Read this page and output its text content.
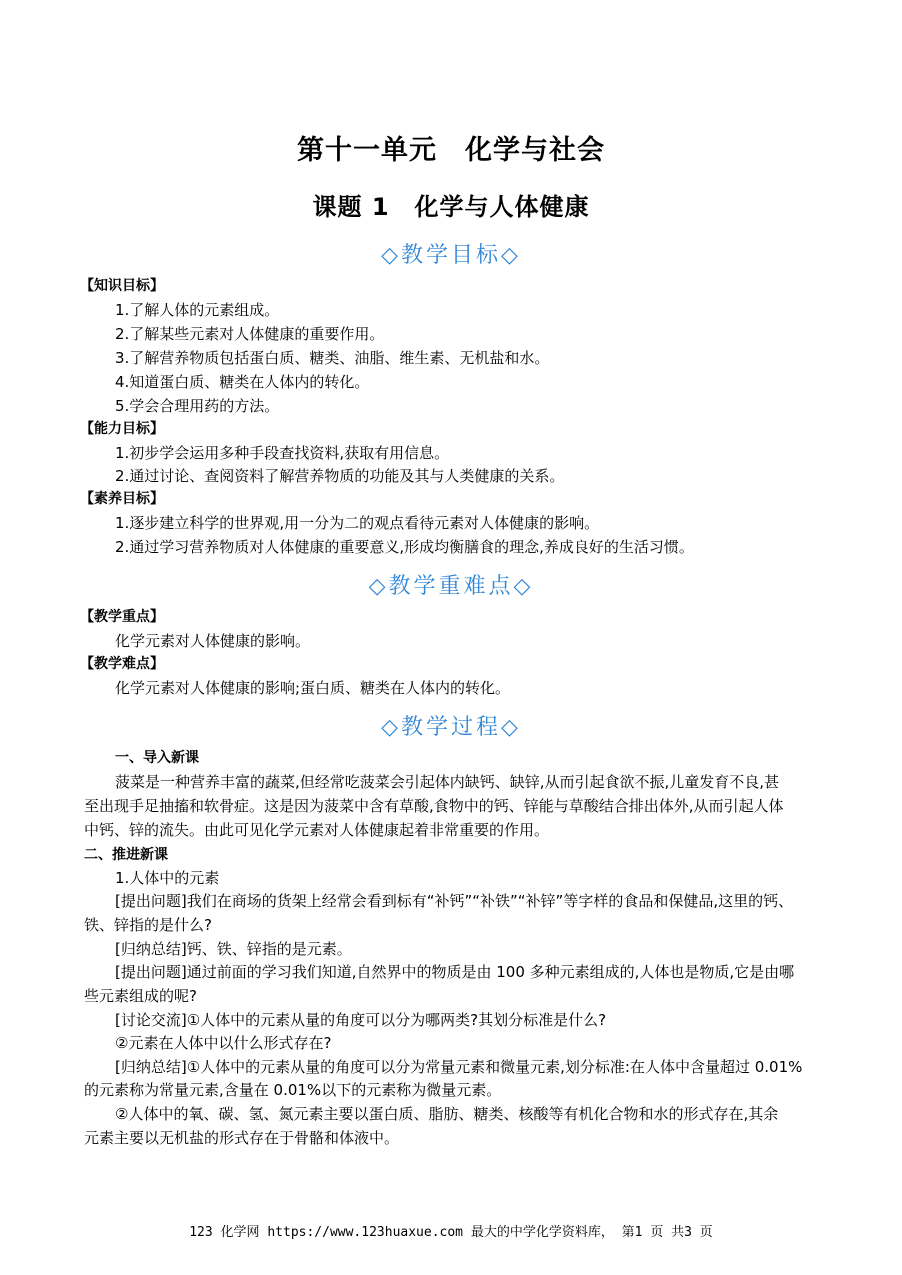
第十一单元　化学与社会
课题 1　化学与人体健康
◇教学目标◇
【知识目标】
1.了解人体的元素组成。
2.了解某些元素对人体健康的重要作用。
3.了解营养物质包括蛋白质、糖类、油脂、维生素、无机盐和水。
4.知道蛋白质、糖类在人体内的转化。
5.学会合理用药的方法。
【能力目标】
1.初步学会运用多种手段查找资料,获取有用信息。
2.通过讨论、查阅资料了解营养物质的功能及其与人类健康的关系。
【素养目标】
1.逐步建立科学的世界观,用一分为二的观点看待元素对人体健康的影响。
2.通过学习营养物质对人体健康的重要意义,形成均衡膳食的理念,养成良好的生活习惯。
◇教学重难点◇
【教学重点】
化学元素对人体健康的影响。
【教学难点】
化学元素对人体健康的影响;蛋白质、糖类在人体内的转化。
◇教学过程◇
一、导入新课
菠菜是一种营养丰富的蔬菜,但经常吃菠菜会引起体内缺钙、缺锌,从而引起食欲不振,儿童发育不良,甚
至出现手足抽搐和软骨症。这是因为菠菜中含有草酸,食物中的钙、锌能与草酸结合排出体外,从而引起人体
中钙、锌的流失。由此可见化学元素对人体健康起着非常重要的作用。
二、推进新课
1.人体中的元素
[提出问题]我们在商场的货架上经常会看到标有“补钙”“补铁”“补锌”等字样的食品和保健品,这里的钙、
铁、锌指的是什么?
[归纳总结]钙、铁、锌指的是元素。
[提出问题]通过前面的学习我们知道,自然界中的物质是由 100 多种元素组成的,人体也是物质,它是由哪
些元素组成的呢?
[讨论交流]①人体中的元素从量的角度可以分为哪两类?其划分标准是什么?
②元素在人体中以什么形式存在?
[归纳总结]①人体中的元素从量的角度可以分为常量元素和微量元素,划分标准:在人体中含量超过 0.01%
的元素称为常量元素,含量在 0.01%以下的元素称为微量元素。
②人体中的氧、碳、氢、氮元素主要以蛋白质、脂肪、糖类、核酸等有机化合物和水的形式存在,其余
元素主要以无机盐的形式存在于骨骼和体液中。
123 化学网 https://www.123huaxue.com 最大的中学化学资料库， 第1 页 共3 页
